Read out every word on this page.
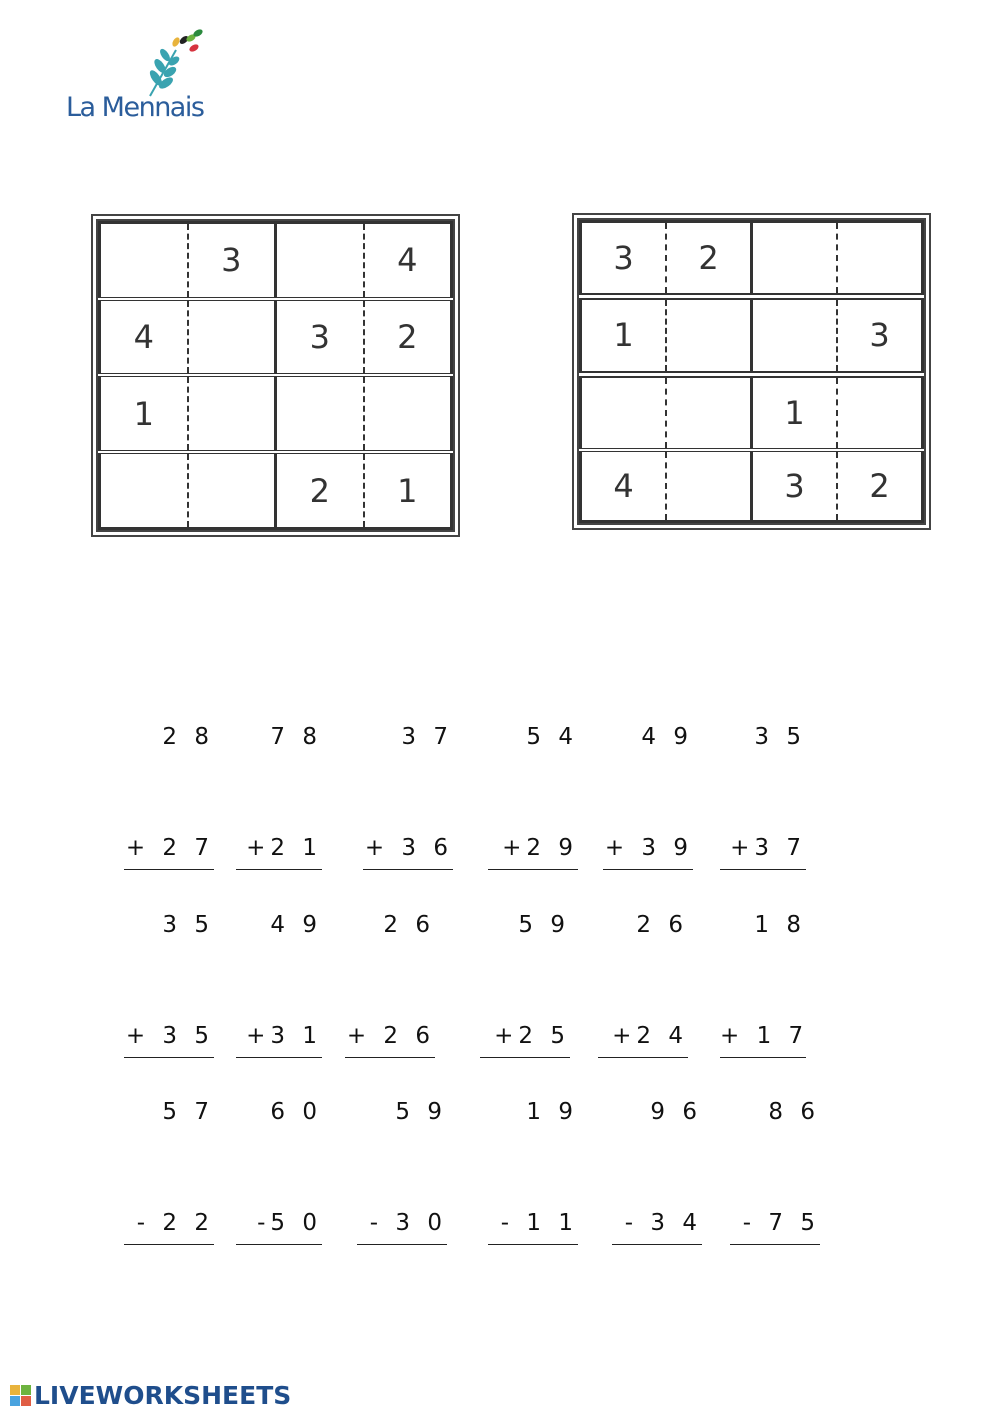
La Mennais
	3		4
4		3	2
1			
		2	1
3	2		
1			3
		1	
4		3	2

2 8

+ 2 7

7 8

+2 1

3 7

+ 3 6

5 4

+2 9

4 9

+ 3 9

3 5

+3 7

3 5

+ 3 5

4 9

+3 1

2 6

+ 2 6

5 9

+2 5

2 6

+2 4

1 8

+ 1 7

5 7

- 2 2

6 0

-5 0

5 9

- 3 0

1 9

- 1 1

9 6

- 3 4

8 6

- 7 5

LIVEWORKSHEETS
